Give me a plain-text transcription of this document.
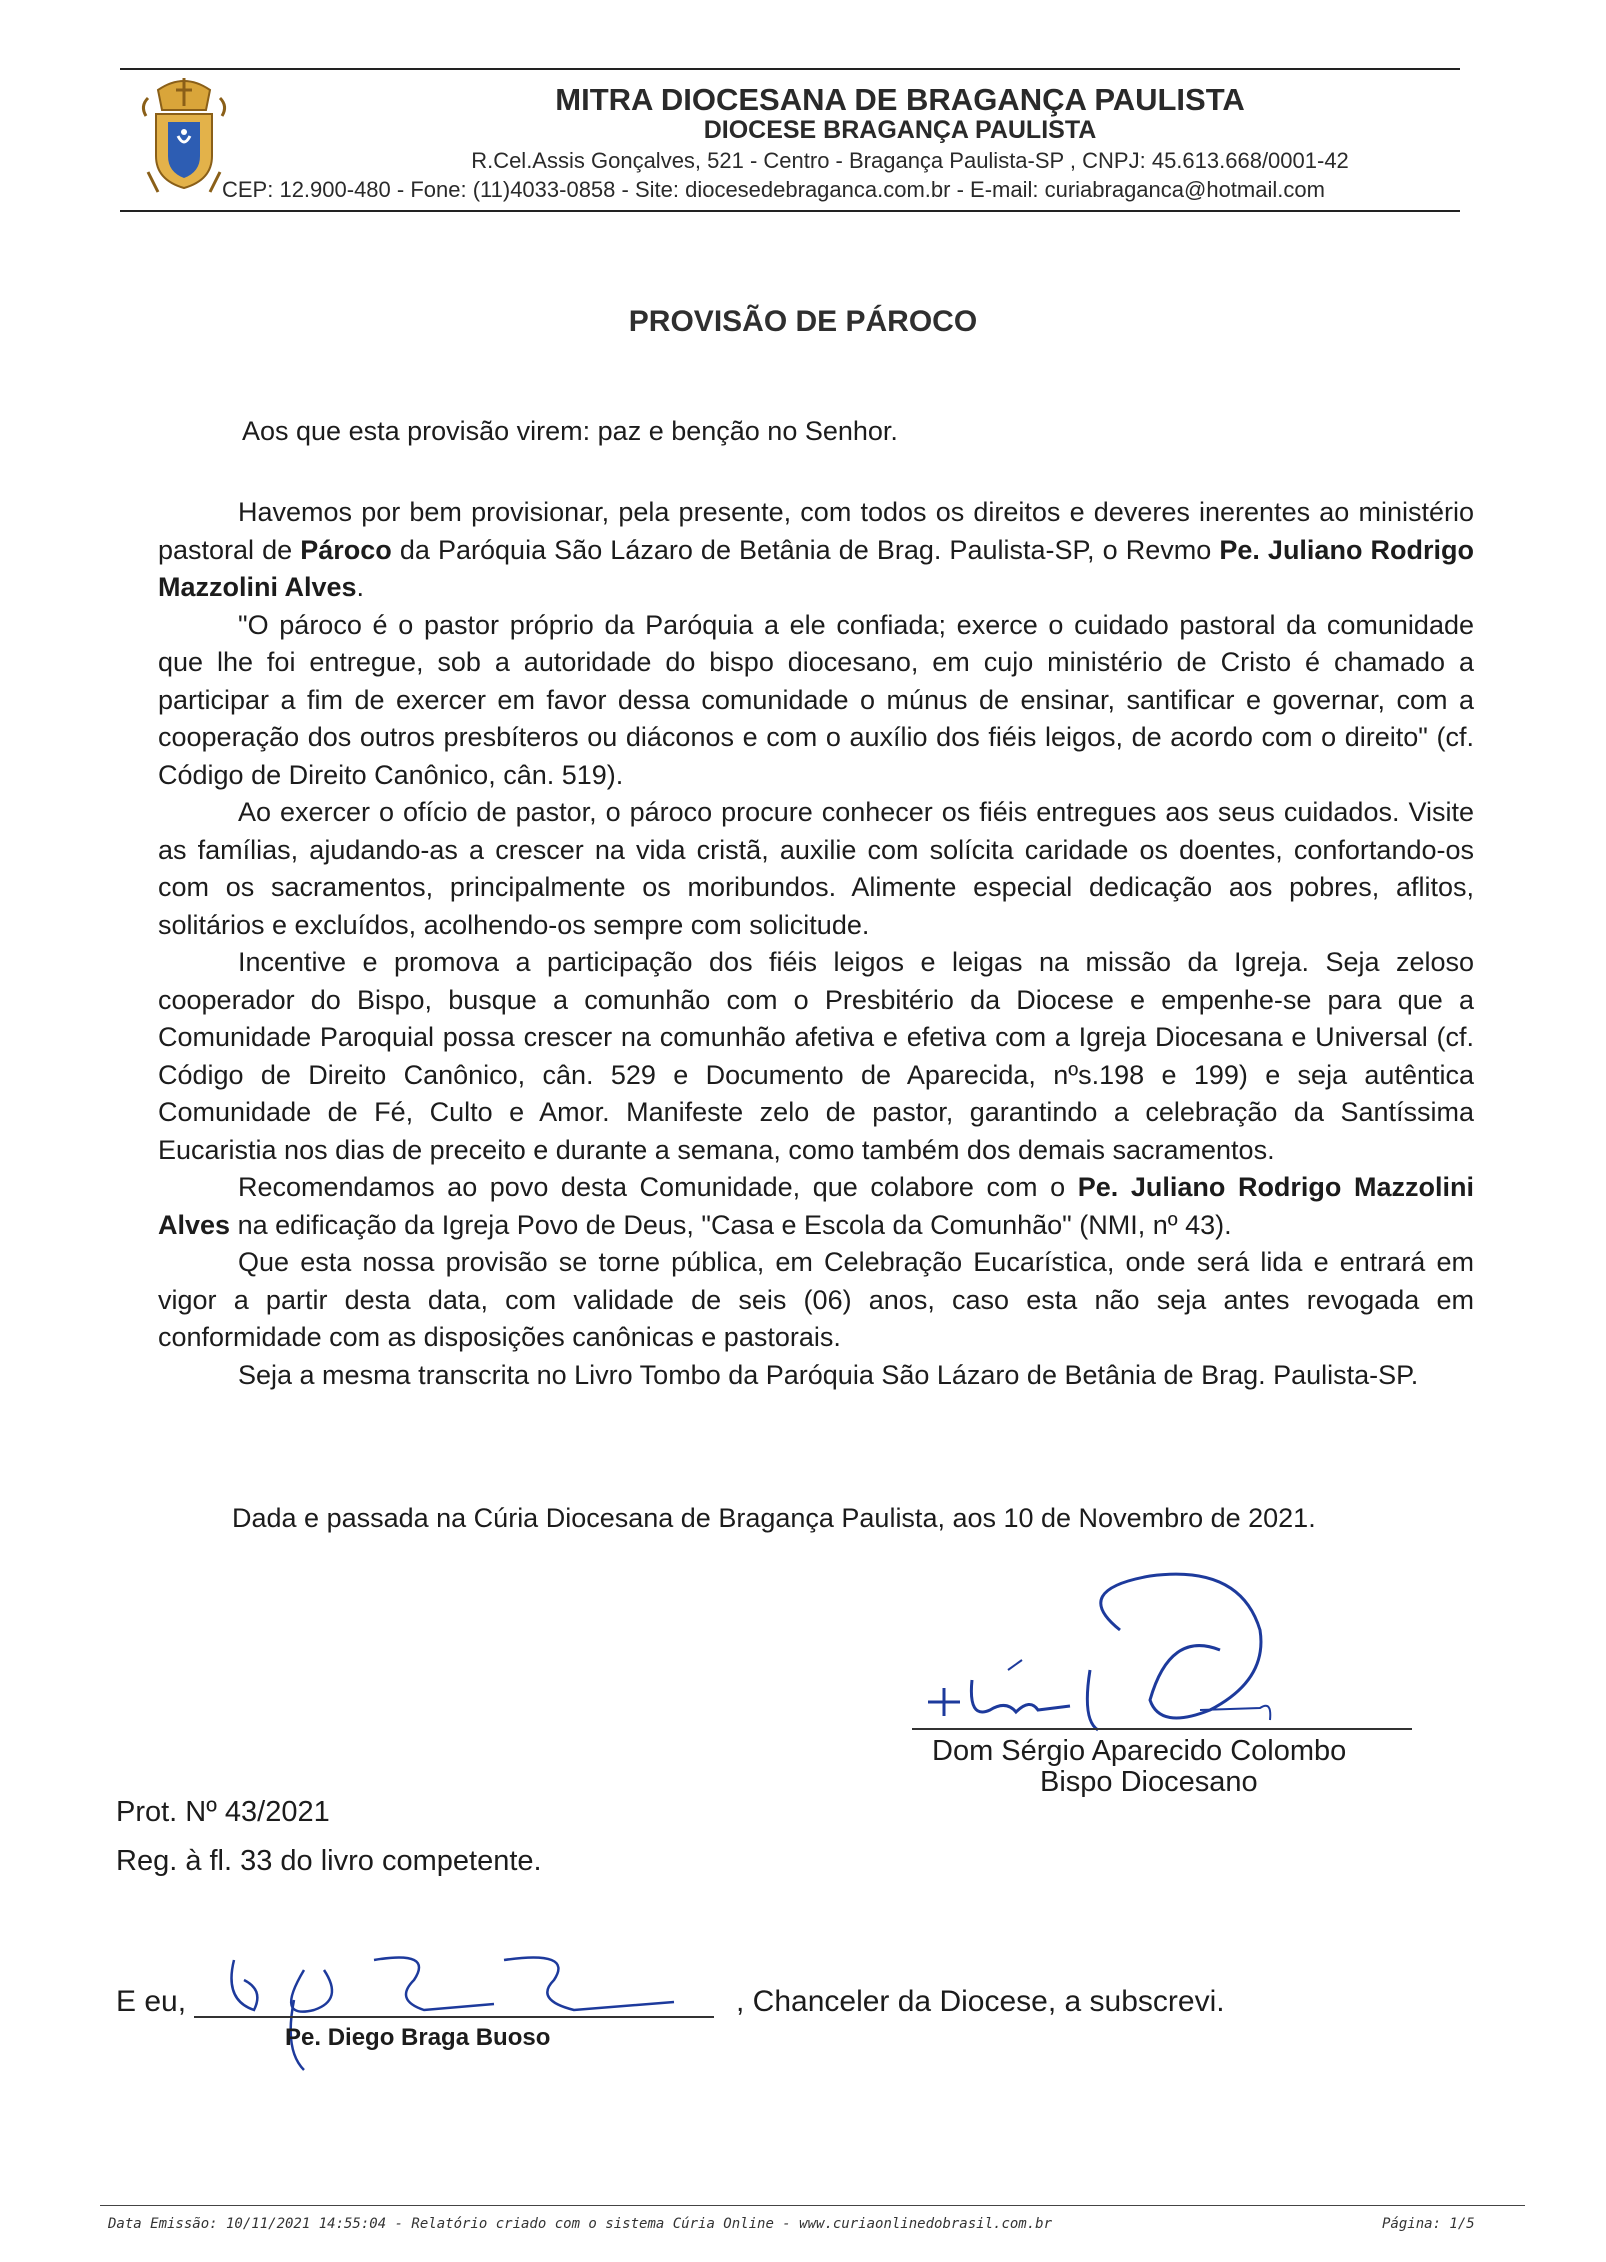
MITRA DIOCESANA DE BRAGANÇA PAULISTA
DIOCESE BRAGANÇA PAULISTA
R.Cel.Assis Gonçalves, 521 - Centro - Bragança Paulista-SP , CNPJ: 45.613.668/0001-42
CEP: 12.900-480 - Fone: (11)4033-0858 - Site: diocesedebraganca.com.br - E-mail: curiabraganca@hotmail.com
PROVISÃO DE PÁROCO
Aos que esta provisão virem: paz e benção no Senhor.

Havemos por bem provisionar, pela presente, com todos os direitos e deveres inerentes ao ministério pastoral de Pároco da Paróquia São Lázaro de Betânia de Brag. Paulista-SP, o Revmo Pe. Juliano Rodrigo Mazzolini Alves.

"O pároco é o pastor próprio da Paróquia a ele confiada; exerce o cuidado pastoral da comunidade que lhe foi entregue, sob a autoridade do bispo diocesano, em cujo ministério de Cristo é chamado a participar a fim de exercer em favor dessa comunidade o múnus de ensinar, santificar e governar, com a cooperação dos outros presbíteros ou diáconos e com o auxílio dos fiéis leigos, de acordo com o direito" (cf. Código de Direito Canônico, cân. 519).

Ao exercer o ofício de pastor, o pároco procure conhecer os fiéis entregues aos seus cuidados. Visite as famílias, ajudando-as a crescer na vida cristã, auxilie com solícita caridade os doentes, confortando-os com os sacramentos, principalmente os moribundos. Alimente especial dedicação aos pobres, aflitos, solitários e excluídos, acolhendo-os sempre com solicitude.

Incentive e promova a participação dos fiéis leigos e leigas na missão da Igreja. Seja zeloso cooperador do Bispo, busque a comunhão com o Presbitério da Diocese e empenhe-se para que a Comunidade Paroquial possa crescer na comunhão afetiva e efetiva com a Igreja Diocesana e Universal (cf. Código de Direito Canônico, cân. 529 e Documento de Aparecida, nºs.198 e 199) e seja autêntica Comunidade de Fé, Culto e Amor. Manifeste zelo de pastor, garantindo a celebração da Santíssima Eucaristia nos dias de preceito e durante a semana, como também dos demais sacramentos.

Recomendamos ao povo desta Comunidade, que colabore com o Pe. Juliano Rodrigo Mazzolini Alves na edificação da Igreja Povo de Deus, "Casa e Escola da Comunhão" (NMI, nº 43).

Que esta nossa provisão se torne pública, em Celebração Eucarística, onde será lida e entrará em vigor a partir desta data, com validade de seis (06) anos, caso esta não seja antes revogada em conformidade com as disposições canônicas e pastorais.

Seja a mesma transcrita no Livro Tombo da Paróquia São Lázaro de Betânia de Brag. Paulista-SP.

Dada e passada na Cúria Diocesana de Bragança Paulista, aos 10 de Novembro de 2021.
Dom Sérgio Aparecido Colombo
Bispo Diocesano
Prot. Nº 43/2021
Reg. à fl. 33 do livro competente.
E eu,	, Chanceler da Diocese, a subscrevi.
Pe. Diego Braga Buoso
Data Emissão: 10/11/2021 14:55:04 - Relatório criado com o sistema Cúria Online - www.curiaonlinedobrasil.com.br	Página: 1/5
